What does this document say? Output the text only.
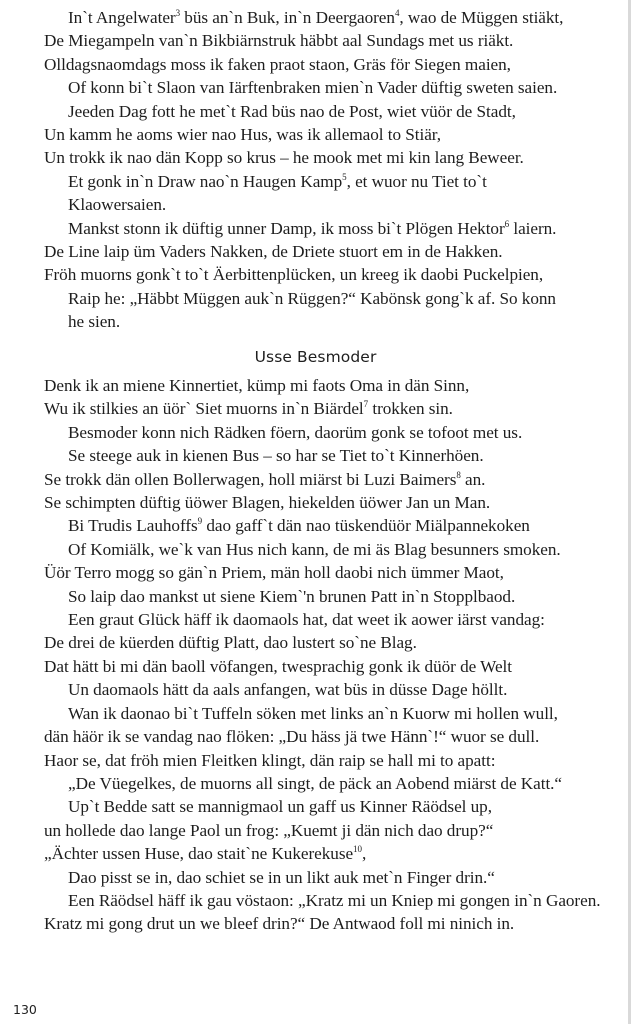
In`t Angelwater$^3$ büs an`n Buk, in`n Deergaoren$^4$, wao de Müggen stiäkt,
De Miegampeln van`n Bikbiärnstruk häbbt aal Sundags met us riäkt.
Olldagsnaomdags moss ik faken praot staon, Gräs för Siegen maien,
Of konn bi`t Slaon van Iärftenbraken mien`n Vader düftig sweten saien.
Jeeden Dag fott he met`t Rad büs nao de Post, wiet vüör de Stadt,
Un kamm he aoms wier nao Hus, was ik allemaol to Stiär,
Un trokk ik nao dän Kopp so krus – he mook met mi kin lang Beweer.
Et gonk in`n Draw nao`n Haugen Kamp$^5$, et wuor nu Tiet to`t
Klaowersaien.
Mankst stonn ik düftig unner Damp, ik moss bi`t Plögen Hektor$^6$ laiern.
De Line laip üm Vaders Nakken, de Driete stuort em in de Hakken.
Fröh muorns gonk`t to`t Äerbittenplücken, un kreeg ik daobi Puckelpien,
Raip he: „Häbbt Müggen auk`n Rüggen?“ Kabönsk gong`k af. So konn
he sien.
Usse Besmoder
Denk ik an miene Kinnertiet, kümp mi faots Oma in dän Sinn,
Wu ik stilkies an üör` Siet muorns in`n Biärdel$^7$ trokken sin.
Besmoder konn nich Rädken föern, daorüm gonk se tofoot met us.
Se steege auk in kienen Bus – so har se Tiet to`t Kinnerhöen.
Se trokk dän ollen Bollerwagen, holl miärst bi Luzi Baimers$^8$ an.
Se schimpten düftig üöwer Blagen, hiekelden üöwer Jan un Man.
Bi Trudis Lauhoffs$^9$ dao gaff`t dän nao tüskendüör Miälpannekoken
Of Komiälk, we`k van Hus nich kann, de mi äs Blag besunners smoken.
Üör Terro mogg so gän`n Priem, män holl daobi nich ümmer Maot,
So laip dao mankst ut siene Kiem`'n brunen Patt in`n Stopplbaod.
Een graut Glück häff ik daomaols hat, dat weet ik aower iärst vandag:
De drei de küerden düftig Platt, dao lustert so`ne Blag.
Dat hätt bi mi dän baoll vöfangen, twesprachig gonk ik düör de Welt
Un daomaols hätt da aals anfangen, wat büs in düsse Dage höllt.
Wan ik daonao bi`t Tuffeln söken met links an`n Kuorw mi hollen wull,
dän häör ik se vandag nao flöken: „Du häss jä twe Hänn`!“ wuor se dull.
Haor se, dat fröh mien Fleitken klingt, dän raip se hall mi to apatt:
„De Vüegelkes, de muorns all singt, de päck an Aobend miärst de Katt.“
Up`t Bedde satt se mannigmaol un gaff us Kinner Räödsel up,
un hollede dao lange Paol un frog: „Kuemt ji dän nich dao drup?“
„Ächter ussen Huse, dao stait`ne Kukerekuse$^{10}$,
Dao pisst se in, dao schiet se in un likt auk met`n Finger drin.“
Een Räödsel häff ik gau vöstaon: „Kratz mi un Kniep mi gongen in`n Gaoren.
Kratz mi gong drut un we bleef drin?“ De Antwaod foll mi ninich in.
130
